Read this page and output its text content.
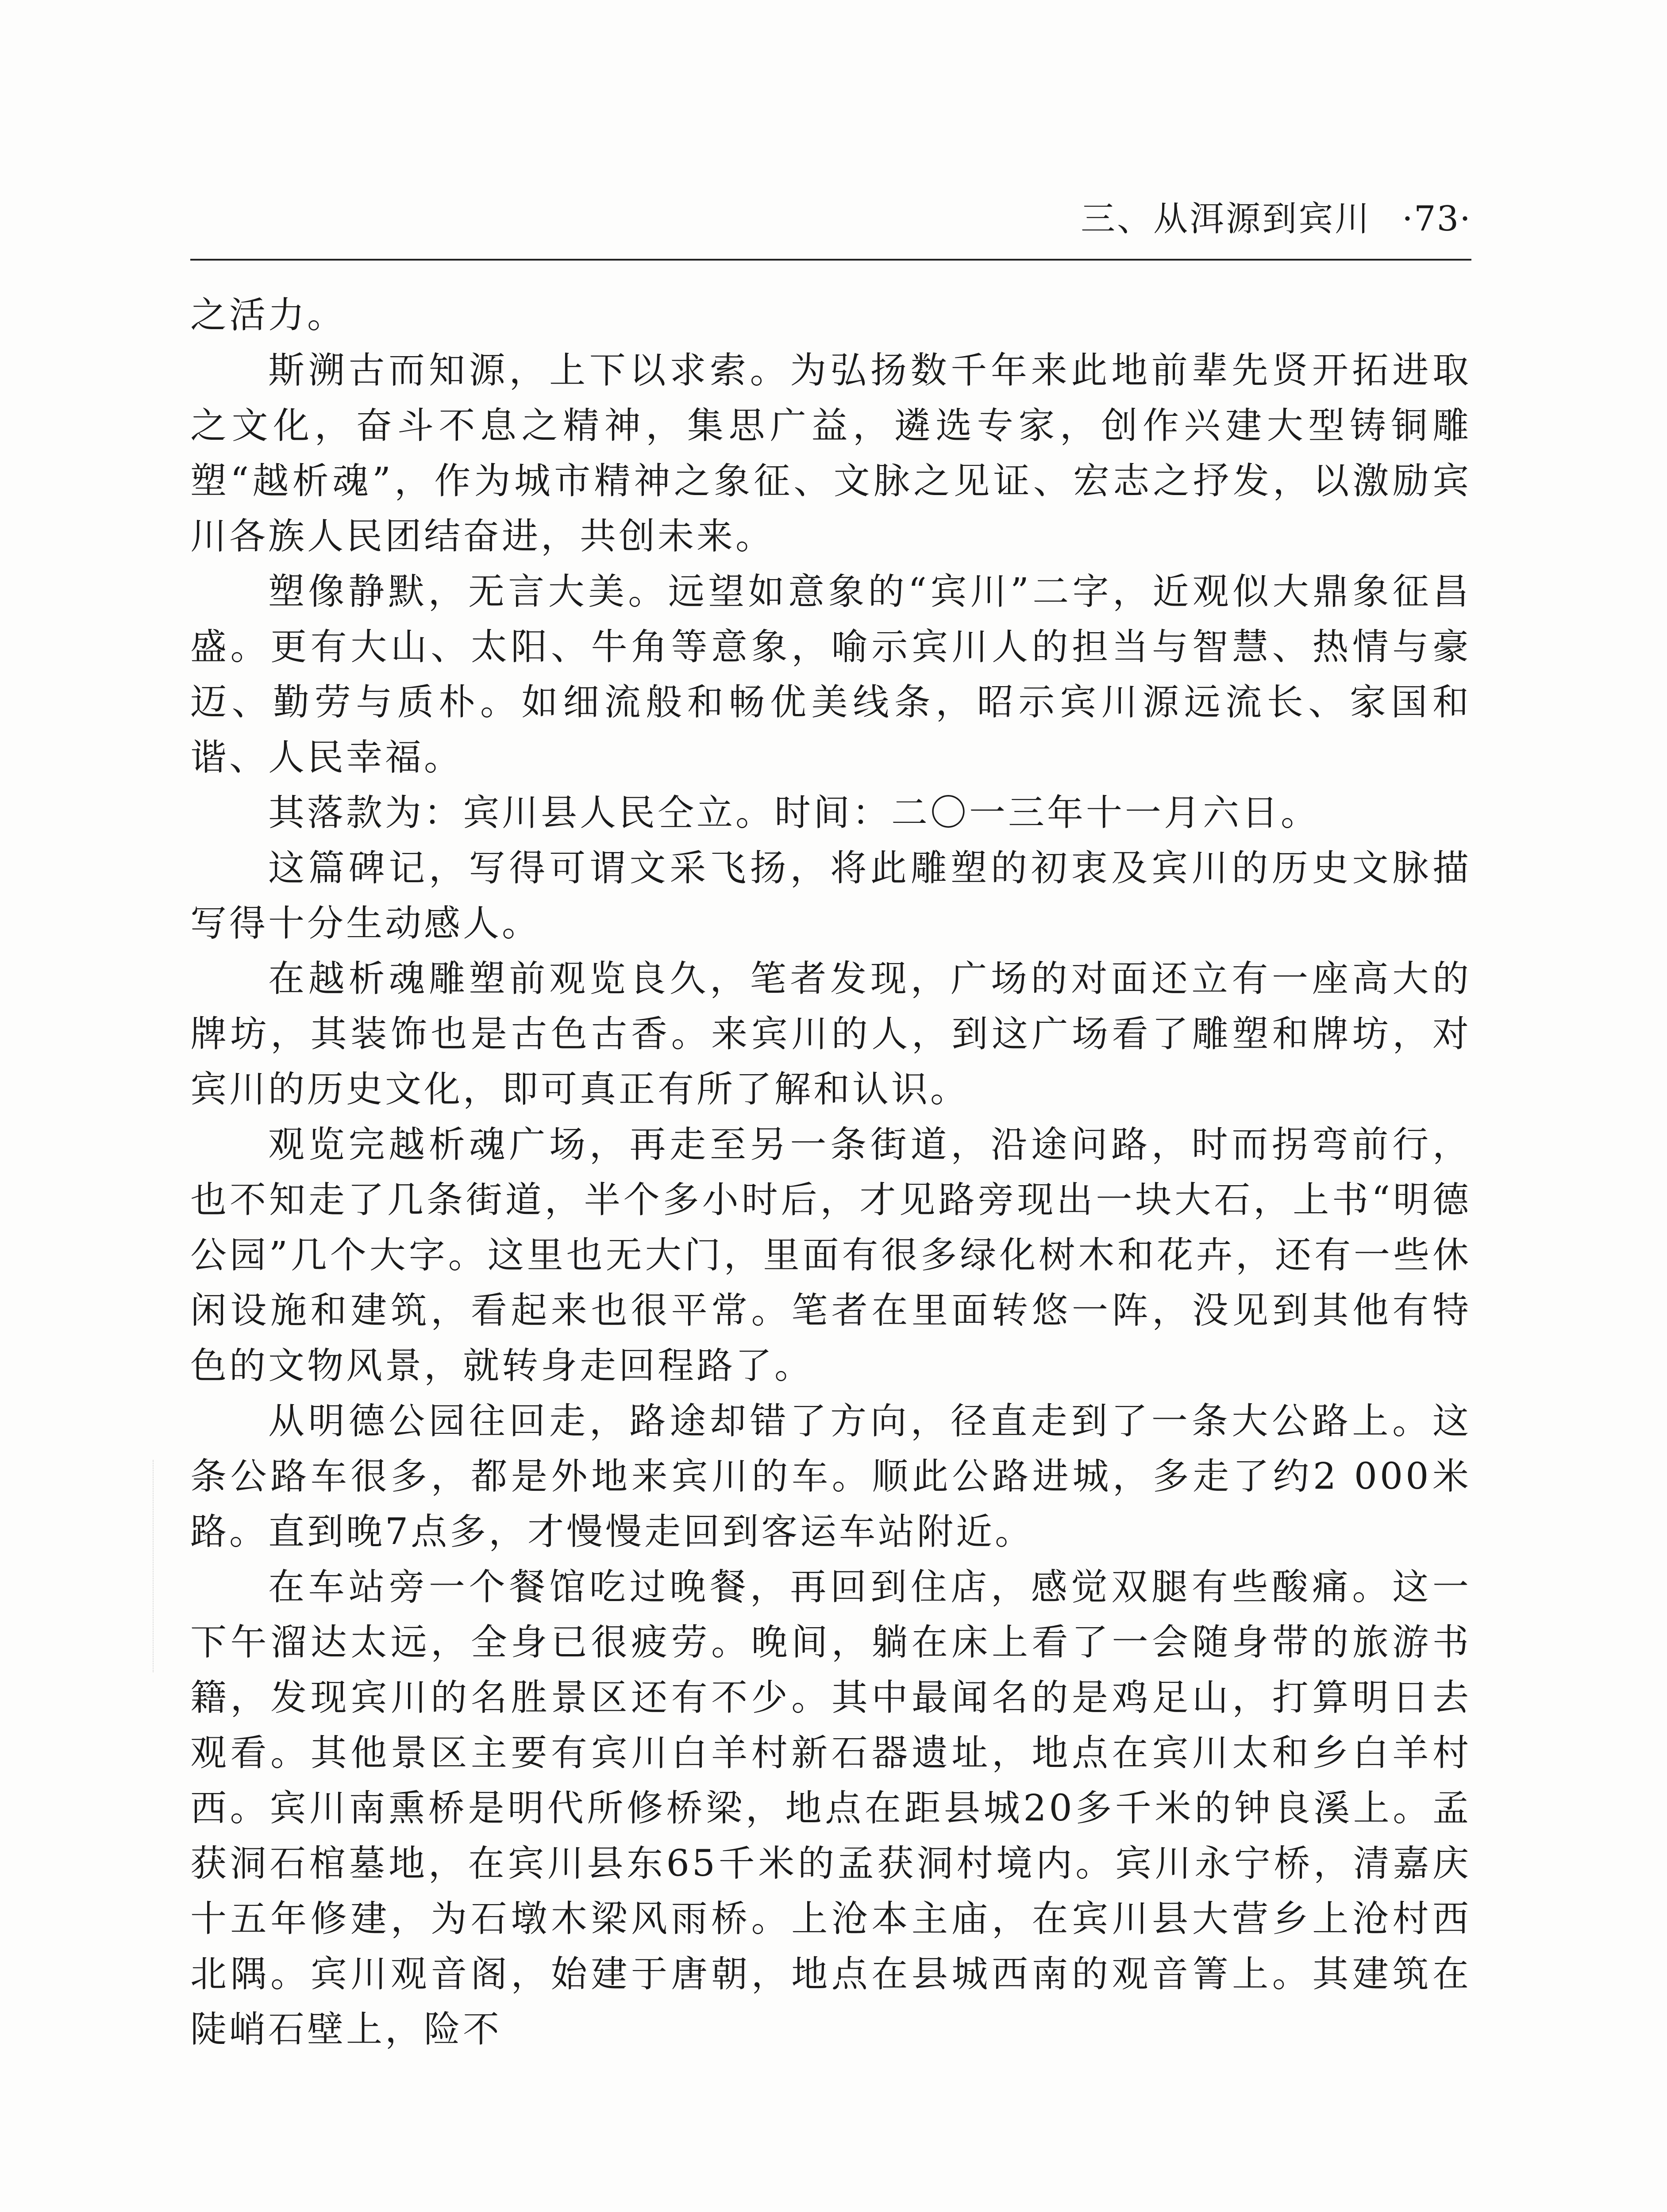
三、从洱源到宾川 ·73·

之活力。

斯溯古而知源，上下以求索。为弘扬数千年来此地前辈先贤开拓进取之文化，奋斗不息之精神，集思广益，遴选专家，创作兴建大型铸铜雕塑“越析魂”，作为城市精神之象征、文脉之见证、宏志之抒发，以激励宾川各族人民团结奋进，共创未来。

塑像静默，无言大美。远望如意象的“宾川”二字，近观似大鼎象征昌盛。更有大山、太阳、牛角等意象，喻示宾川人的担当与智慧、热情与豪迈、勤劳与质朴。如细流般和畅优美线条，昭示宾川源远流长、家国和谐、人民幸福。

其落款为：宾川县人民仝立。时间：二〇一三年十一月六日。

这篇碑记，写得可谓文采飞扬，将此雕塑的初衷及宾川的历史文脉描写得十分生动感人。

在越析魂雕塑前观览良久，笔者发现，广场的对面还立有一座高大的牌坊，其装饰也是古色古香。来宾川的人，到这广场看了雕塑和牌坊，对宾川的历史文化，即可真正有所了解和认识。

观览完越析魂广场，再走至另一条街道，沿途问路，时而拐弯前行，也不知走了几条街道，半个多小时后，才见路旁现出一块大石，上书“明德公园”几个大字。这里也无大门，里面有很多绿化树木和花卉，还有一些休闲设施和建筑，看起来也很平常。笔者在里面转悠一阵，没见到其他有特色的文物风景，就转身走回程路了。

从明德公园往回走，路途却错了方向，径直走到了一条大公路上。这条公路车很多，都是外地来宾川的车。顺此公路进城，多走了约2 000米路。直到晚7点多，才慢慢走回到客运车站附近。

在车站旁一个餐馆吃过晚餐，再回到住店，感觉双腿有些酸痛。这一下午溜达太远，全身已很疲劳。晚间，躺在床上看了一会随身带的旅游书籍，发现宾川的名胜景区还有不少。其中最闻名的是鸡足山，打算明日去观看。其他景区主要有宾川白羊村新石器遗址，地点在宾川太和乡白羊村西。宾川南熏桥是明代所修桥梁，地点在距县城20多千米的钟良溪上。孟获洞石棺墓地，在宾川县东65千米的孟获洞村境内。宾川永宁桥，清嘉庆十五年修建，为石墩木梁风雨桥。上沧本主庙，在宾川县大营乡上沧村西北隅。宾川观音阁，始建于唐朝，地点在县城西南的观音箐上。其建筑在陡峭石壁上，险不
